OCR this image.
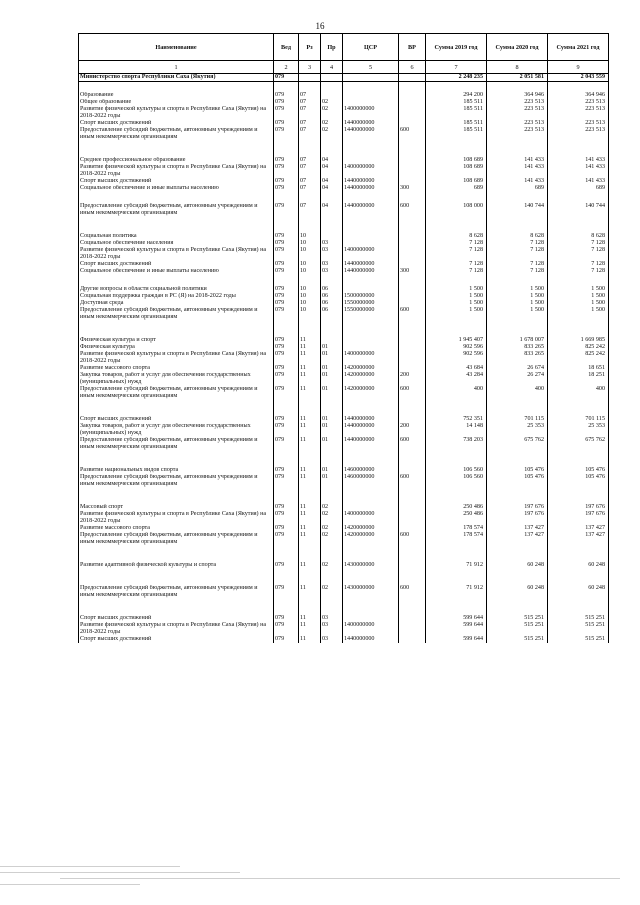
16
Наименование	Вед	Рз	Пр	ЦСР	ВР	Сумма 2019 год	Сумма 2020 год	Сумма 2021 год
1	2	3	4	5	6	7	8	9
Министерство спорта Республики Саха (Якутия)	079					2 248 235	2 051 581	2 043 559

Образование	079	07				294 200	364 946	364 946
Общее образование	079	07	02			185 511	223 513	223 513
Развитие физической культуры и спорта в Республике Саха (Якутия) на 2018-2022 годы	079	07	02	1400000000		185 511	223 513	223 513
Спорт высших достижений	079	07	02	1440000000		185 511	223 513	223 513
Предоставление субсидий бюджетным, автономным учреждениям и иным некоммерческим организациям	079	07	02	1440000000	600	185 511	223 513	223 513

Среднее профессиональное образование	079	07	04			108 689	141 433	141 433
Развитие физической культуры и спорта в Республике Саха (Якутия) на 2018-2022 годы	079	07	04	1400000000		108 689	141 433	141 433
Спорт высших достижений	079	07	04	1440000000		108 689	141 433	141 433
Социальное обеспечение и иные выплаты населению	079	07	04	1440000000	300	689	689	689

Предоставление субсидий бюджетным, автономным учреждениям и иным некоммерческим организациям	079	07	04	1440000000	600	108 000	140 744	140 744

Социальная политика	079	10				8 628	8 628	8 628
Социальное обеспечение населения	079	10	03			7 128	7 128	7 128
Развитие физической культуры и спорта в Республике Саха (Якутия) на 2018-2022 годы	079	10	03	1400000000		7 128	7 128	7 128
Спорт высших достижений	079	10	03	1440000000		7 128	7 128	7 128
Социальное обеспечение и иные выплаты населению	079	10	03	1440000000	300	7 128	7 128	7 128

Другие вопросы в области социальной политики	079	10	06			1 500	1 500	1 500
Социальная поддержка граждан в РС (Я) на 2018-2022 годы	079	10	06	1500000000		1 500	1 500	1 500
Доступная среда	079	10	06	1550000000		1 500	1 500	1 500
Предоставление субсидий бюджетным, автономным учреждениям и иным некоммерческим организациям	079	10	06	1550000000	600	1 500	1 500	1 500

Физическая культура и спорт	079	11				1 945 407	1 678 007	1 669 985
Физическая культура	079	11	01			902 596	833 265	825 242
Развитие физической культуры и спорта в Республике Саха (Якутия) на 2018-2022 годы	079	11	01	1400000000		902 596	833 265	825 242
Развитие массового спорта	079	11	01	1420000000		43 684	26 674	18 651
Закупка товаров, работ и услуг для обеспечения государственных (муниципальных) нужд	079	11	01	1420000000	200	43 284	26 274	18 251
Предоставление субсидий бюджетным, автономным учреждениям и иным некоммерческим организациям	079	11	01	1420000000	600	400	400	400

Спорт высших достижений	079	11	01	1440000000		752 351	701 115	701 115
Закупка товаров, работ и услуг для обеспечения государственных (муниципальных) нужд	079	11	01	1440000000	200	14 148	25 353	25 353
Предоставление субсидий бюджетным, автономным учреждениям и иным некоммерческим организациям	079	11	01	1440000000	600	738 203	675 762	675 762

Развитие национальных видов спорта	079	11	01	1460000000		106 560	105 476	105 476
Предоставление субсидий бюджетным, автономным учреждениям и иным некоммерческим организациям	079	11	01	1460000000	600	106 560	105 476	105 476

Массовый спорт	079	11	02			250 486	197 676	197 676
Развитие физической культуры и спорта в Республике Саха (Якутия) на 2018-2022 годы	079	11	02	1400000000		250 486	197 676	197 676
Развитие массового спорта	079	11	02	1420000000		178 574	137 427	137 427
Предоставление субсидий бюджетным, автономным учреждениям и иным некоммерческим организациям	079	11	02	1420000000	600	178 574	137 427	137 427

Развитие адаптивной физической культуры и спорта	079	11	02	1430000000		71 912	60 248	60 248

Предоставление субсидий бюджетным, автономным учреждениям и иным некоммерческим организациям	079	11	02	1430000000	600	71 912	60 248	60 248

Спорт высших достижений	079	11	03			599 644	515 251	515 251
Развитие физической культуры и спорта в Республике Саха (Якутия) на 2018-2022 годы	079	11	03	1400000000		599 644	515 251	515 251
Спорт высших достижений	079	11	03	1440000000		599 644	515 251	515 251
